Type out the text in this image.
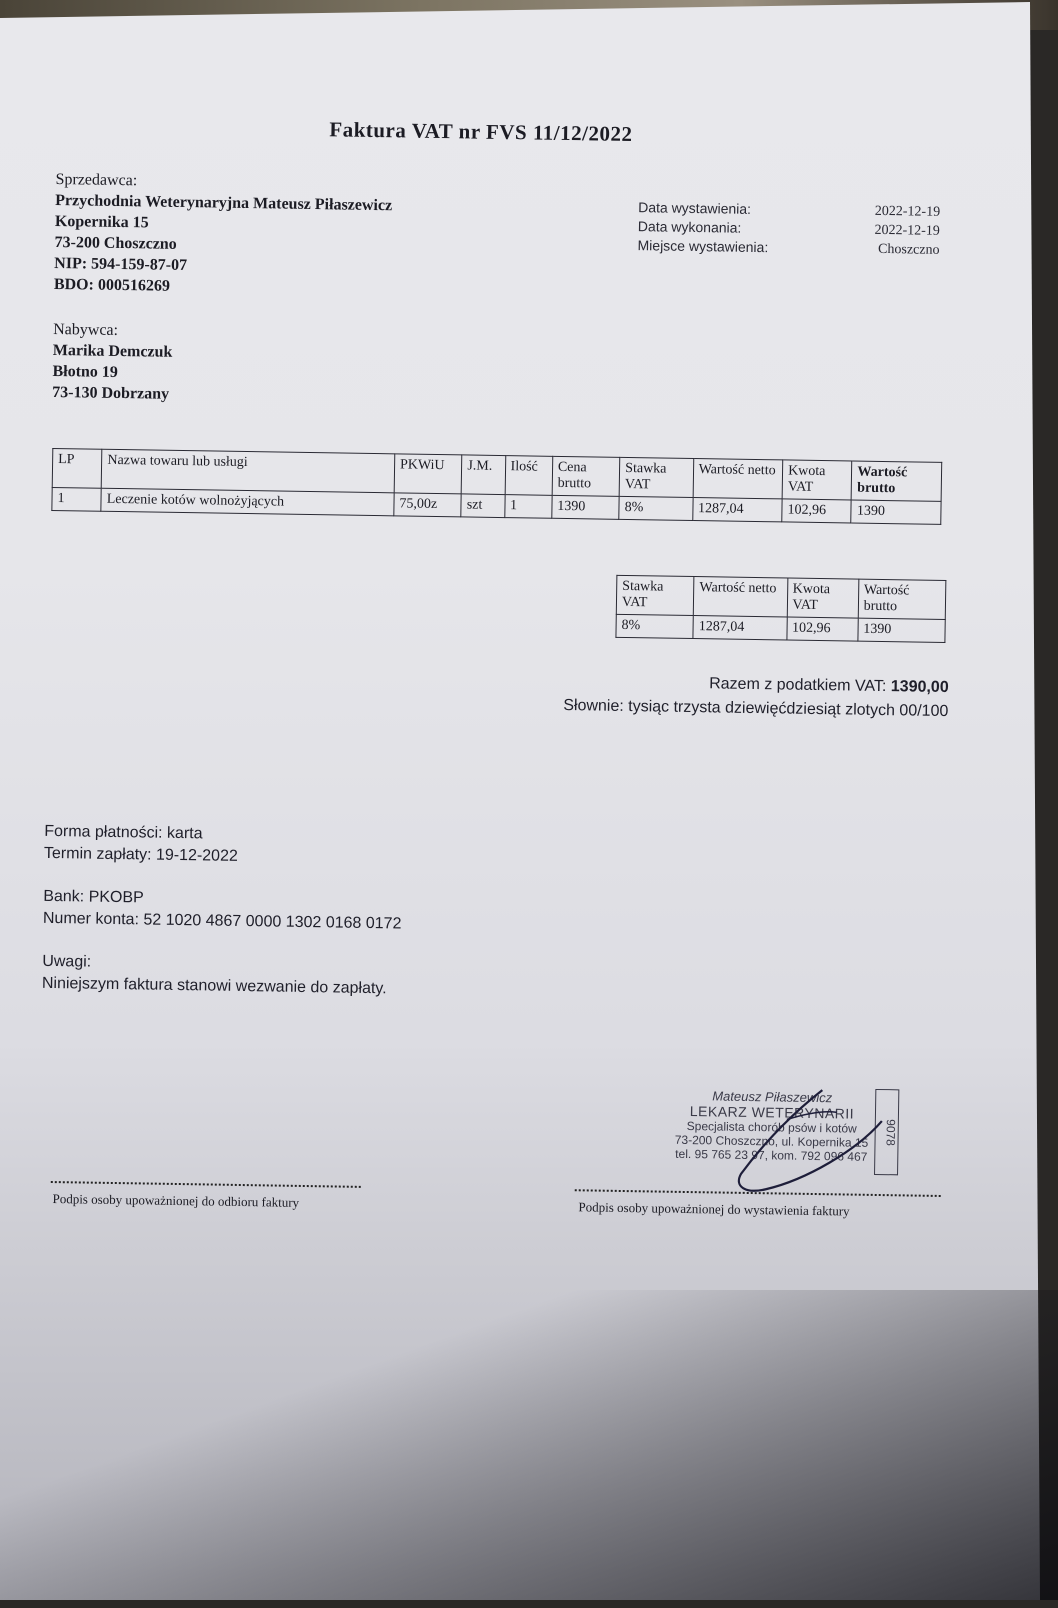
Faktura VAT nr FVS 11/12/2022
Sprzedawca:
Przychodnia Weterynaryjna Mateusz Piłaszewicz
Kopernika 15
73-200 Choszczno
NIP: 594-159-87-07
BDO: 000516269
Data wystawienia:	2022-12-19
Data wykonania:	2022-12-19
Miejsce wystawienia:	Choszczno
Nabywca:
Marika Demczuk
Błotno 19
73-130 Dobrzany
LP	Nazwa towaru lub usługi	PKWiU	J.M.	Ilość	Cena brutto	Stawka VAT	Wartość netto	Kwota VAT	Wartość brutto
1	Leczenie kotów wolnożyjących	75,00z	szt	1	1390	8%	1287,04	102,96	1390
Stawka VAT	Wartość netto	Kwota VAT	Wartość brutto
8%	1287,04	102,96	1390
Razem z podatkiem VAT: 1390,00
Słownie: tysiąc trzysta dziewięćdziesiąt zlotych 00/100
Forma płatności: karta
Termin zapłaty: 19-12-2022
Bank: PKOBP
Numer konta: 52 1020 4867 0000 1302 0168 0172
Uwagi:
Niniejszym faktura stanowi wezwanie do zapłaty.
Mateusz Piłaszewicz
LEKARZ WETERYNARII
Specjalista chorób psów i kotów
73-200 Choszczno, ul. Kopernika 15
tel. 95 765 23 97, kom. 792 096 467
9078
Podpis osoby upoważnionej do odbioru faktury	Podpis osoby upoważnionej do wystawienia faktury
